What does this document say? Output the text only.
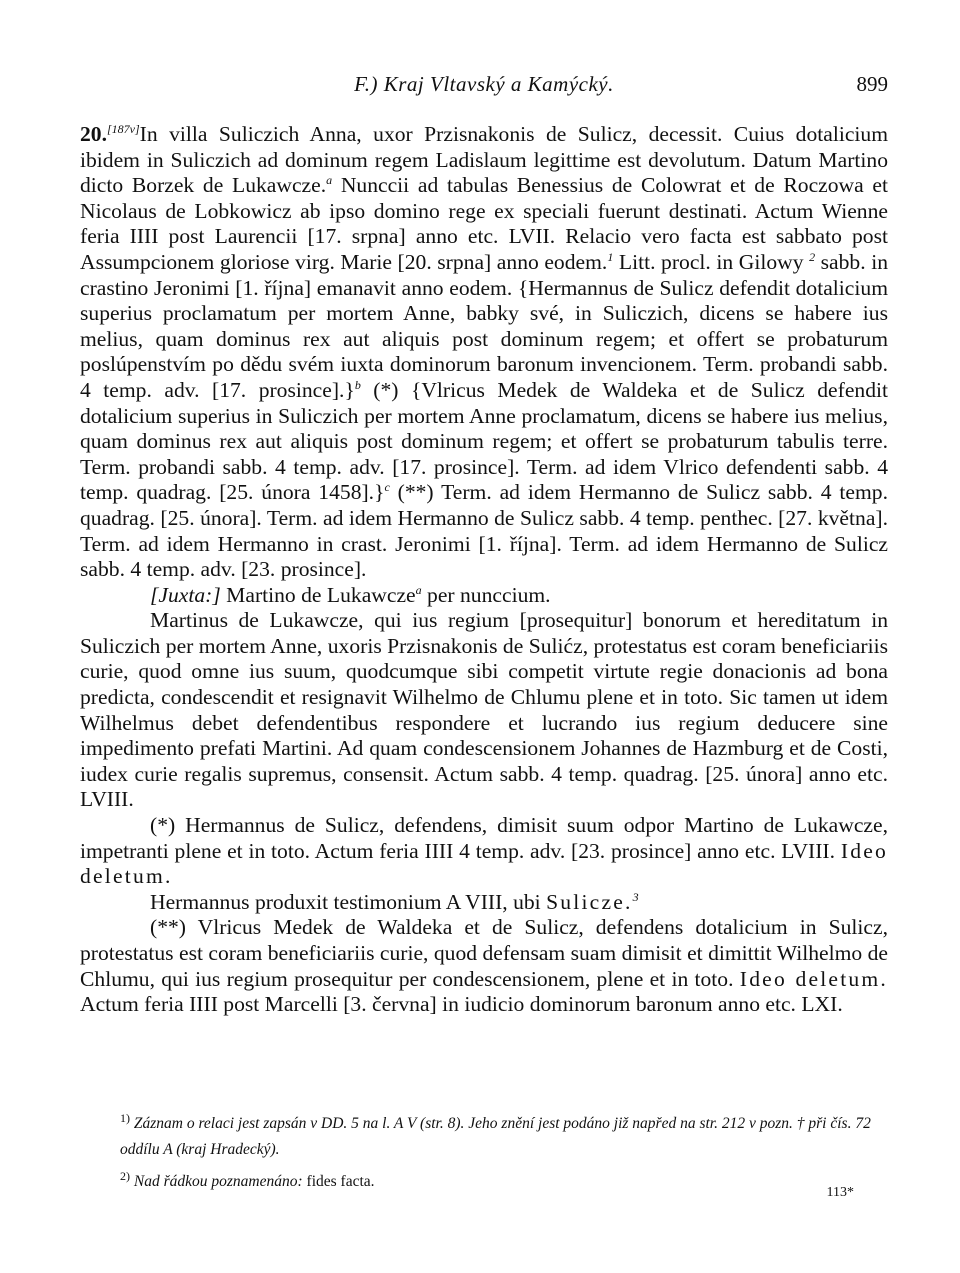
F.) Kraj Vltavský a Kamýcký.	899

20.[187v]In villa Suliczich Anna, uxor Przisnakonis de Sulicz, decessit. Cuius dotalicium ibidem in Suliczich ad dominum regem Ladislaum legittime est devolutum. Datum Martino dicto Borzek de Lukawcze.$^a$ Nunccii ad tabulas Benessius de Colowrat et de Roczowa et Nicolaus de Lobkowicz ab ipso domino rege ex speciali fuerunt destinati. Actum Wienne feria IIII post Laurencii [17. srpna] anno etc. LVII. Relacio vero facta est sabbato post Assumpcionem gloriose virg. Marie [20. srpna] anno eodem.$^1$ Litt. procl. in Gilowy $^2$ sabb. in crastino Jeronimi [1. října] emanavit anno eodem. {Hermannus de Sulicz defendit dotalicium superius proclamatum per mortem Anne, babky své, in Suliczich, dicens se habere ius melius, quam dominus rex aut aliquis post dominum regem; et offert se probaturum poslúpenstvím po dědu svém iuxta dominorum baronum invencionem. Term. probandi sabb. 4 temp. adv. [17. prosince].}$^b$ (*) {Vlricus Medek de Waldeka et de Sulicz defendit dotalicium superius in Suliczich per mortem Anne proclamatum, dicens se habere ius melius, quam dominus rex aut aliquis post dominum regem; et offert se probaturum tabulis terre. Term. probandi sabb. 4 temp. adv. [17. prosince]. Term. ad idem Vlrico defendenti sabb. 4 temp. quadrag. [25. února 1458].}$^c$ (**) Term. ad idem Hermanno de Sulicz sabb. 4 temp. quadrag. [25. února]. Term. ad idem Hermanno de Sulicz sabb. 4 temp. penthec. [27. května]. Term. ad idem Hermanno in crast. Jeronimi [1. října]. Term. ad idem Hermanno de Sulicz sabb. 4 temp. adv. [23. prosince].

[Juxta:] Martino de Lukawcze$^a$ per nunccium.

Martinus de Lukawcze, qui ius regium [prosequitur] bonorum et hereditatum in Suliczich per mortem Anne, uxoris Przisnakonis de Sulićz, protestatus est coram beneficiariis curie, quod omne ius suum, quodcumque sibi competit virtute regie donacionis ad bona predicta, condescendit et resignavit Wilhelmo de Chlumu plene et in toto. Sic tamen ut idem Wilhelmus debet defendentibus respondere et lucrando ius regium deducere sine impedimento prefati Martini. Ad quam condescensionem Johannes de Hazmburg et de Costi, iudex curie regalis supremus, consensit. Actum sabb. 4 temp. quadrag. [25. února] anno etc. LVIII.

(*) Hermannus de Sulicz, defendens, dimisit suum odpor Martino de Lukawcze, impetranti plene et in toto. Actum feria IIII 4 temp. adv. [23. prosince] anno etc. LVIII. Ideo deletum.

Hermannus produxit testimonium A VIII, ubi Sulicze.$^3$

(**) Vlricus Medek de Waldeka et de Sulicz, defendens dotalicium in Sulicz, protestatus est coram beneficiariis curie, quod defensam suam dimisit et dimittit Wilhelmo de Chlumu, qui ius regium prosequitur per condescensionem, plene et in toto. Ideo deletum. Actum feria IIII post Marcelli [3. června] in iudicio dominorum baronum anno etc. LXI.

$^{1)}$ Záznam o relaci jest zapsán v DD. 5 na l. A V (str. 8). Jeho znění jest podáno již napřed na str. 212 v pozn. † při čís. 72 oddílu A (kraj Hradecký).

$^{2)}$ Nad řádkou poznamenáno: fides facta.

113*
